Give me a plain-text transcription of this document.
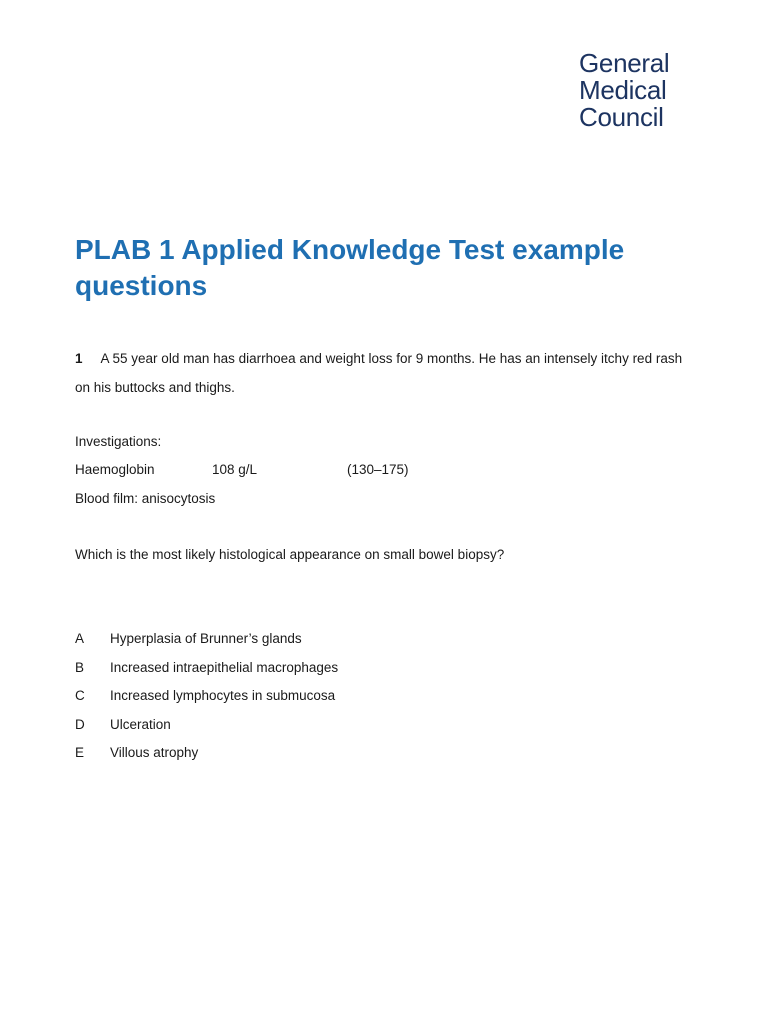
General
Medical
Council
PLAB 1 Applied Knowledge Test example questions

1 A 55 year old man has diarrhoea and weight loss for 9 months. He has an intensely itchy red rash on his buttocks and thighs.

Investigations:
Haemoglobin	108 g/L	(130–175)
Blood film: anisocytosis

Which is the most likely histological appearance on small bowel biopsy?

A Hyperplasia of Brunner’s glands
B Increased intraepithelial macrophages
C Increased lymphocytes in submucosa
D Ulceration
E Villous atrophy
